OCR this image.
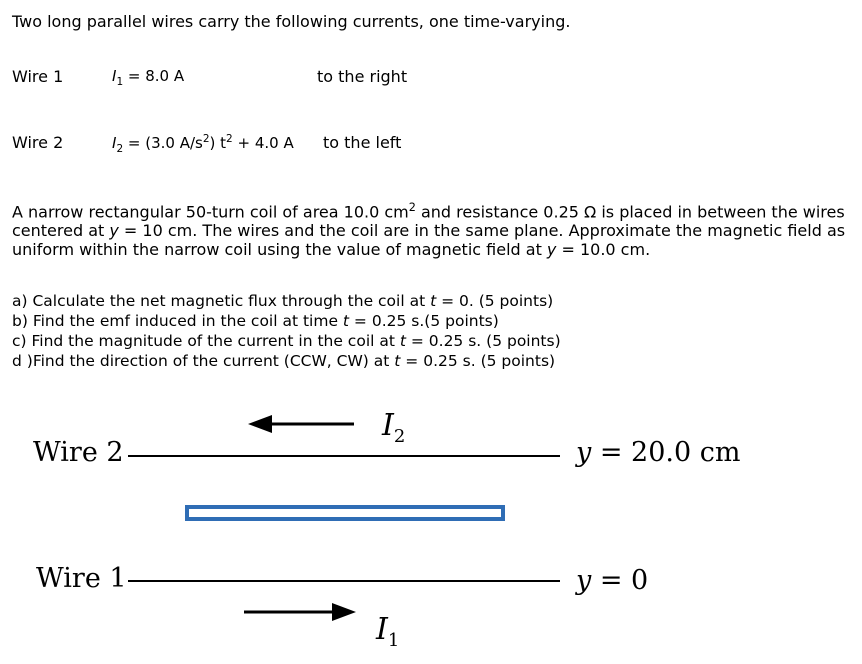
Two long parallel wires carry the following currents, one time-varying.
Wire 1	$I_1 = 8.0$ A	to the right
Wire 2	$I_2 = (3.0$ $A/s^2$) $t^2 + 4.0$ A to the left
A narrow rectangular 50-turn coil of area 10.0 $cm^2$ and resistance 0.25 Ω is placed in between the wires centered at y = 10 cm. The wires and the coil are in the same plane. Approximate the magnetic field as uniform within the narrow coil using the value of magnetic field at y = 10.0 cm.
a) Calculate the net magnetic flux through the coil at t = 0. (5 points)
b) Find the emf induced in the coil at time t = 0.25 s.(5 points)
c) Find the magnitude of the current in the coil at t = 0.25 s. (5 points)
d )Find the direction of the current (CCW, CW) at t = 0.25 s. (5 points)
Wire 2
Wire 1
$I_2$
$I_1$
y = 20.0 cm
y = 0
